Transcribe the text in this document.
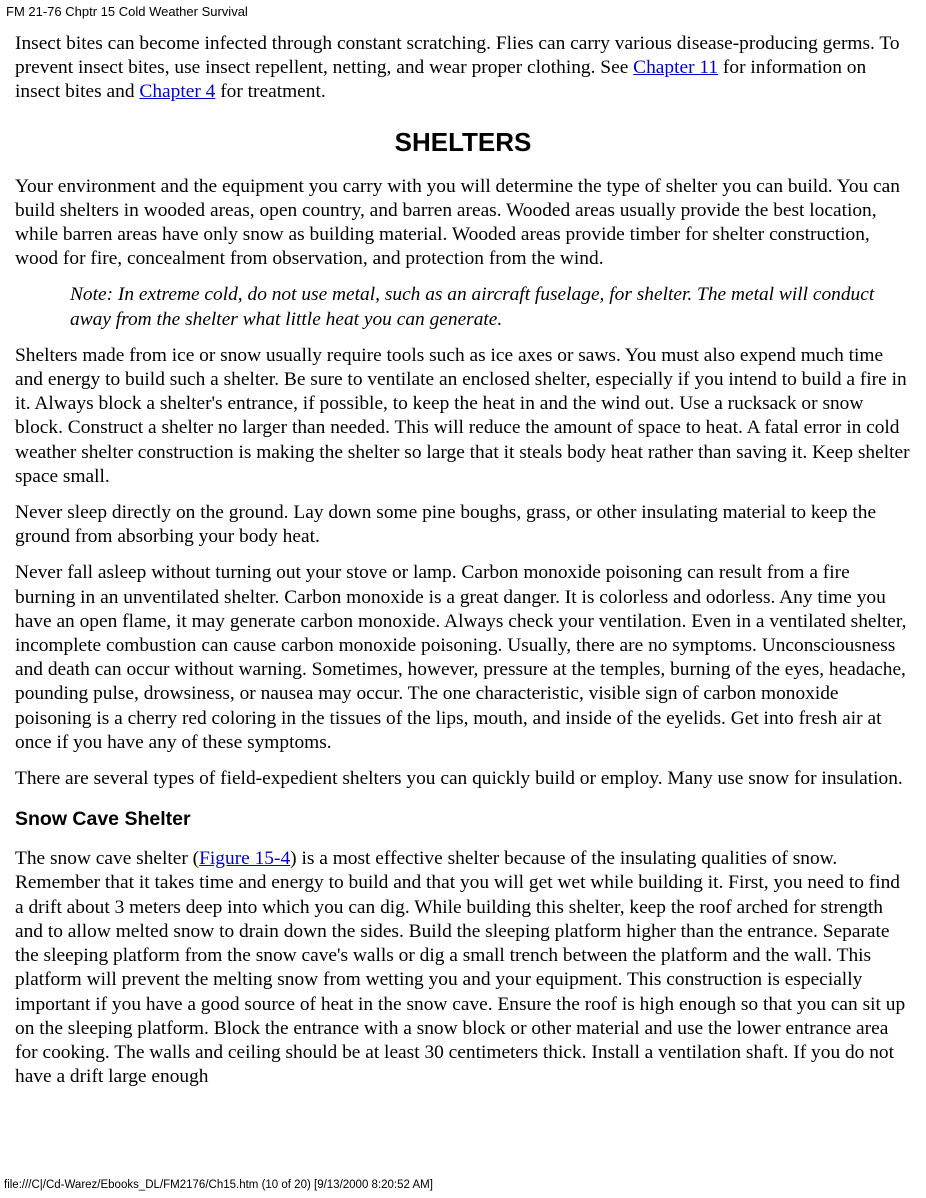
FM 21-76 Chptr 15 Cold Weather Survival

Insect bites can become infected through constant scratching. Flies can carry various disease-producing germs. To prevent insect bites, use insect repellent, netting, and wear proper clothing. See Chapter 11 for information on insect bites and Chapter 4 for treatment.

SHELTERS

Your environment and the equipment you carry with you will determine the type of shelter you can build. You can build shelters in wooded areas, open country, and barren areas. Wooded areas usually provide the best location, while barren areas have only snow as building material. Wooded areas provide timber for shelter construction, wood for fire, concealment from observation, and protection from the wind.

Note: In extreme cold, do not use metal, such as an aircraft fuselage, for shelter. The metal will conduct away from the shelter what little heat you can generate.

Shelters made from ice or snow usually require tools such as ice axes or saws. You must also expend much time and energy to build such a shelter. Be sure to ventilate an enclosed shelter, especially if you intend to build a fire in it. Always block a shelter's entrance, if possible, to keep the heat in and the wind out. Use a rucksack or snow block. Construct a shelter no larger than needed. This will reduce the amount of space to heat. A fatal error in cold weather shelter construction is making the shelter so large that it steals body heat rather than saving it. Keep shelter space small.

Never sleep directly on the ground. Lay down some pine boughs, grass, or other insulating material to keep the ground from absorbing your body heat.

Never fall asleep without turning out your stove or lamp. Carbon monoxide poisoning can result from a fire burning in an unventilated shelter. Carbon monoxide is a great danger. It is colorless and odorless. Any time you have an open flame, it may generate carbon monoxide. Always check your ventilation. Even in a ventilated shelter, incomplete combustion can cause carbon monoxide poisoning. Usually, there are no symptoms. Unconsciousness and death can occur without warning. Sometimes, however, pressure at the temples, burning of the eyes, headache, pounding pulse, drowsiness, or nausea may occur. The one characteristic, visible sign of carbon monoxide poisoning is a cherry red coloring in the tissues of the lips, mouth, and inside of the eyelids. Get into fresh air at once if you have any of these symptoms.

There are several types of field-expedient shelters you can quickly build or employ. Many use snow for insulation.

Snow Cave Shelter

The snow cave shelter (Figure 15-4) is a most effective shelter because of the insulating qualities of snow. Remember that it takes time and energy to build and that you will get wet while building it. First, you need to find a drift about 3 meters deep into which you can dig. While building this shelter, keep the roof arched for strength and to allow melted snow to drain down the sides. Build the sleeping platform higher than the entrance. Separate the sleeping platform from the snow cave's walls or dig a small trench between the platform and the wall. This platform will prevent the melting snow from wetting you and your equipment. This construction is especially important if you have a good source of heat in the snow cave. Ensure the roof is high enough so that you can sit up on the sleeping platform. Block the entrance with a snow block or other material and use the lower entrance area for cooking. The walls and ceiling should be at least 30 centimeters thick. Install a ventilation shaft. If you do not have a drift large enough

file:///C|/Cd-Warez/Ebooks_DL/FM2176/Ch15.htm (10 of 20) [9/13/2000 8:20:52 AM]
